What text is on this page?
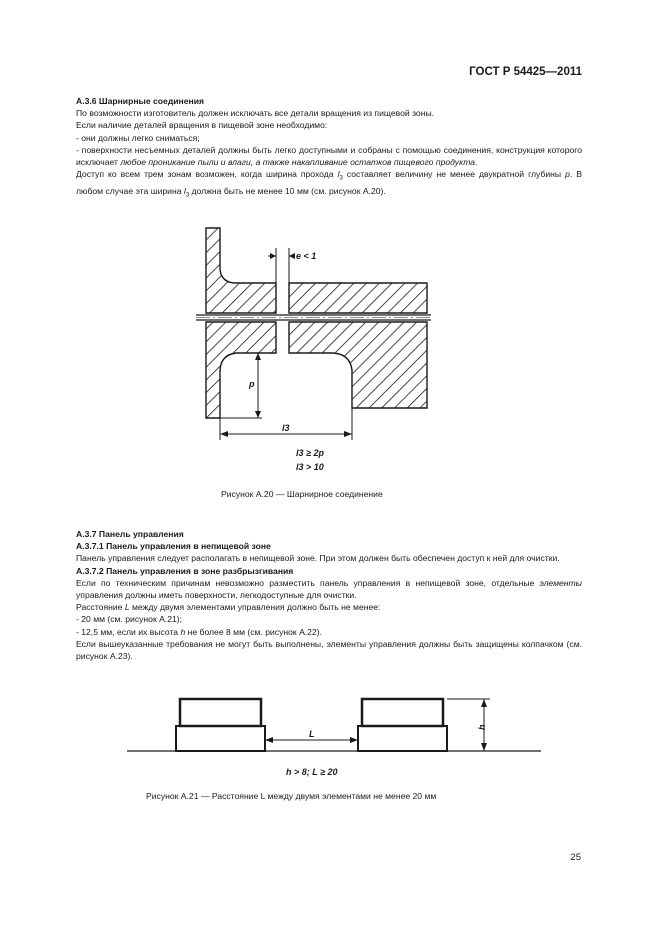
ГОСТ Р 54425—2011

А.3.6 Шарнирные соединения

По возможности изготовитель должен исключать все детали вращения из пищевой зоны.

Если наличие деталей вращения в пищевой зоне необходимо:

- они должны легко сниматься;

- поверхности несъемных деталей должны быть легко доступными и собраны с помощью соединения, конструкция которого исключает любое проникание пыли и влаги, а также накапливание остатков пищевого продукта.

Доступ ко всем трем зонам возможен, когда ширина прохода $l_3$ составляет величину не менее двукратной глубины p. В любом случае эта ширина $l_3$ должна быть не менее 10 мм (см. рисунок А.20).

e < 1
p
l3
l3 ≥ 2p
l3 > 10
L
h
h > 8; L ≥ 20
Рисунок А.20 — Шарнирное соединение

А.3.7 Панель управления

А.3.7.1 Панель управления в непищевой зоне

Панель управления следует располагать в непищевой зоне. При этом должен быть обеспечен доступ к ней для очистки.

А.3.7.2 Панель управления в зоне разбрызгивания

Если по техническим причинам невозможно разместить панель управления в непищевой зоне, отдельные элементы управления должны иметь поверхности, легкодоступные для очистки.

Расстояние L между двумя элементами управления должно быть не менее:

- 20 мм (см. рисунок А.21);

- 12,5 мм, если их высота h не более 8 мм (см. рисунок А.22).

Если вышеуказанные требования не могут быть выполнены, элементы управления должны быть защищены колпачком (см. рисунок А.23).

Рисунок А.21 — Расстояние L между двумя элементами не менее 20 мм
25
